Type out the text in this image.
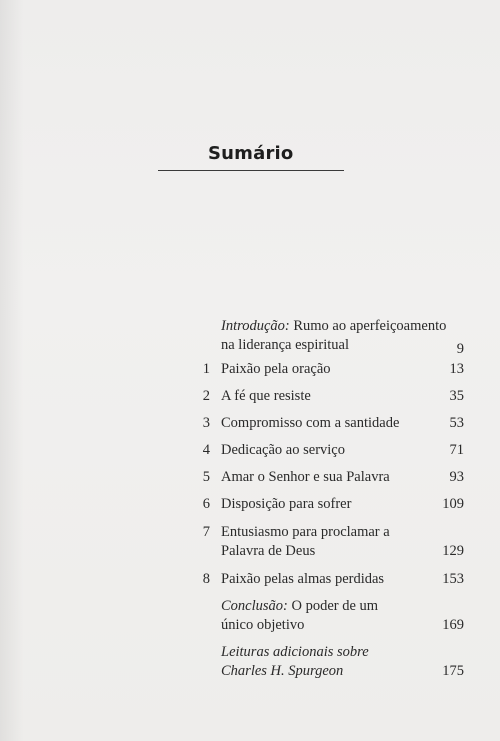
Sumário
Introdução: Rumo ao aperfeiçoamento
na liderança espiritual	9
1 Paixão pela oração	13
2 A fé que resiste	35
3 Compromisso com a santidade	53
4 Dedicação ao serviço	71
5 Amar o Senhor e sua Palavra	93
6 Disposição para sofrer	109
7 Entusiasmo para proclamar a
Palavra de Deus	129
8 Paixão pelas almas perdidas	153
Conclusão: O poder de um
único objetivo	169
Leituras adicionais sobre
Charles H. Spurgeon	175
